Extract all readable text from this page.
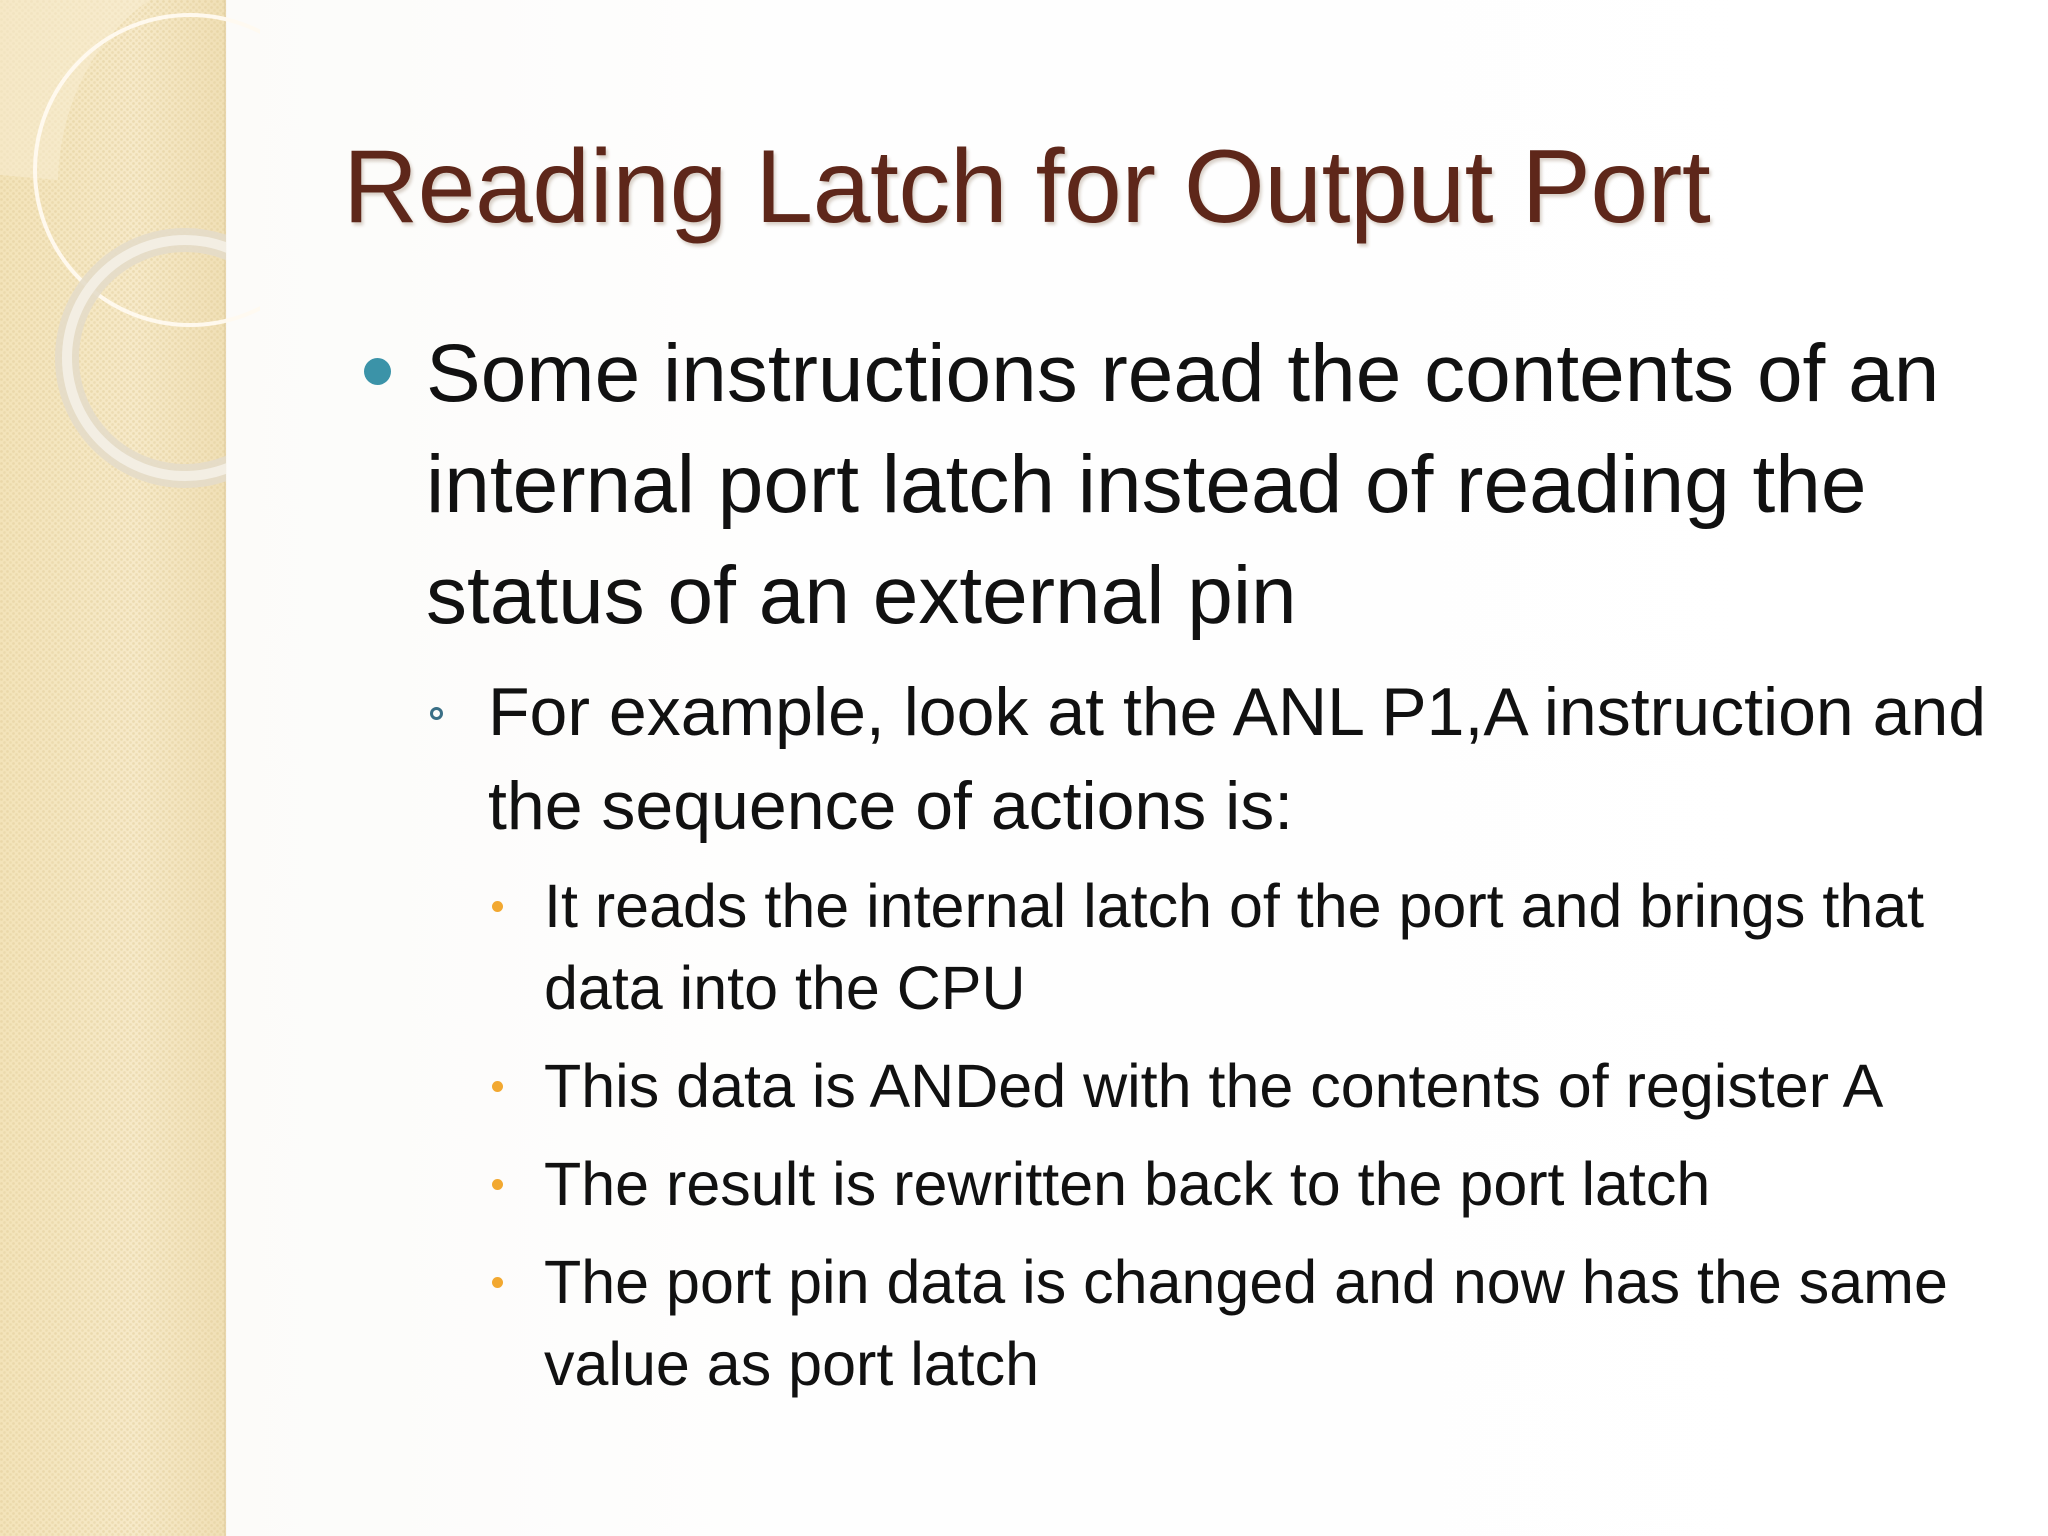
Reading Latch for Output Port
Some instructions read the contents of an internal port latch instead of reading the status of an external pin
For example, look at the ANL P1,A instruction and the sequence of actions is:
It reads the internal latch of the port and brings that data into the CPU
This data is ANDed with the contents of register A
The result is rewritten back to the port latch
The port pin data is changed and now has the same value as port latch
